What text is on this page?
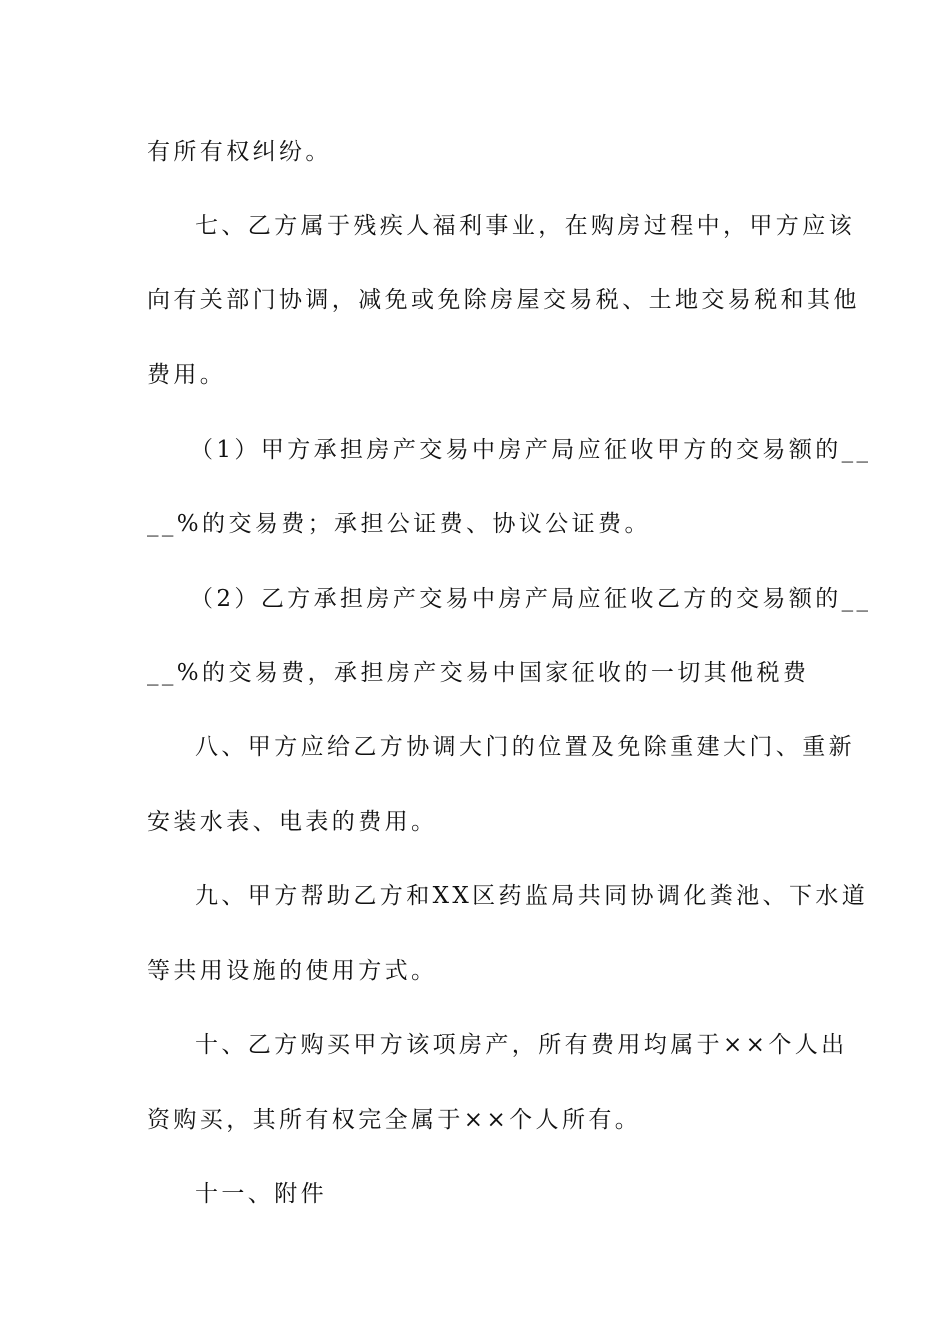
有所有权纠纷。
七、乙方属于残疾人福利事业，在购房过程中，甲方应该
向有关部门协调，减免或免除房屋交易税、土地交易税和其他
费用。
（1）甲方承担房产交易中房产局应征收甲方的交易额的__
__%的交易费；承担公证费、协议公证费。
（2）乙方承担房产交易中房产局应征收乙方的交易额的__
__%的交易费，承担房产交易中国家征收的一切其他税费
八、甲方应给乙方协调大门的位置及免除重建大门、重新
安装水表、电表的费用。
九、甲方帮助乙方和XX区药监局共同协调化粪池、下水道
等共用设施的使用方式。
十、乙方购买甲方该项房产，所有费用均属于××个人出
资购买，其所有权完全属于××个人所有。
十一、附件
